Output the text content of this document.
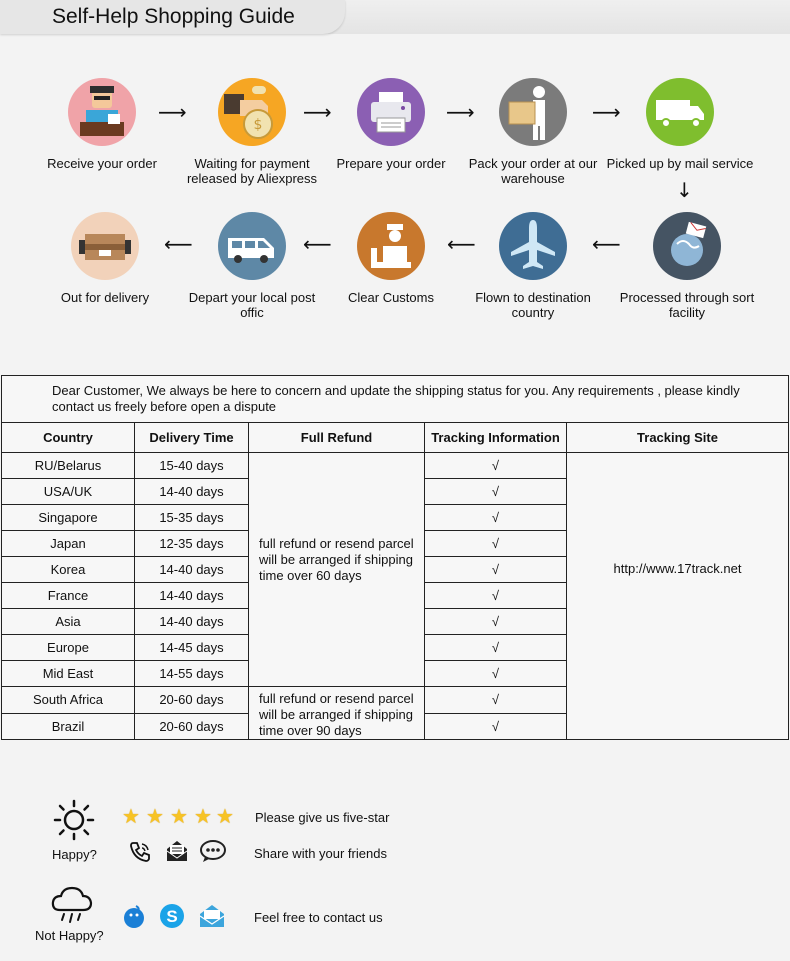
Self-Help Shopping Guide
Receive your order
⟶
$
Waiting for payment released by Aliexpress
⟶
Prepare your order
⟶
Pack your order at our warehouse
⟶
Picked up by mail service
↓
Processed through sort facility
⟵
Flown to destination country
⟵
Clear Customs
⟵
Depart your local post offic
⟵
Out for delivery
Dear Customer, We always be here to concern and update the shipping status for you. Any requirements , please kindly contact us freely before open a dispute				
Country	Delivery Time	Full Refund	Tracking Information	Tracking Site
RU/Belarus	15-40 days	full refund or resend parcel will be arranged if shipping time over 60 days	√	http://www.17track.net

USA/UK	14-40 days		√	
Singapore	15-35 days		√	
Japan	12-35 days		√	
Korea	14-40 days		√	
France	14-40 days		√	
Asia	14-40 days		√	
Europe	14-45 days		√	
Mid East	14-55 days		√	
South Africa	20-60 days	full refund or resend parcel will be arranged if shipping time over 90 days	√	
Brazil	20-60 days		√	
Happy?
★ ★ ★ ★ ★ Please give us five-star
Share with your friends
Not Happy?
S	Feel free to contact us
